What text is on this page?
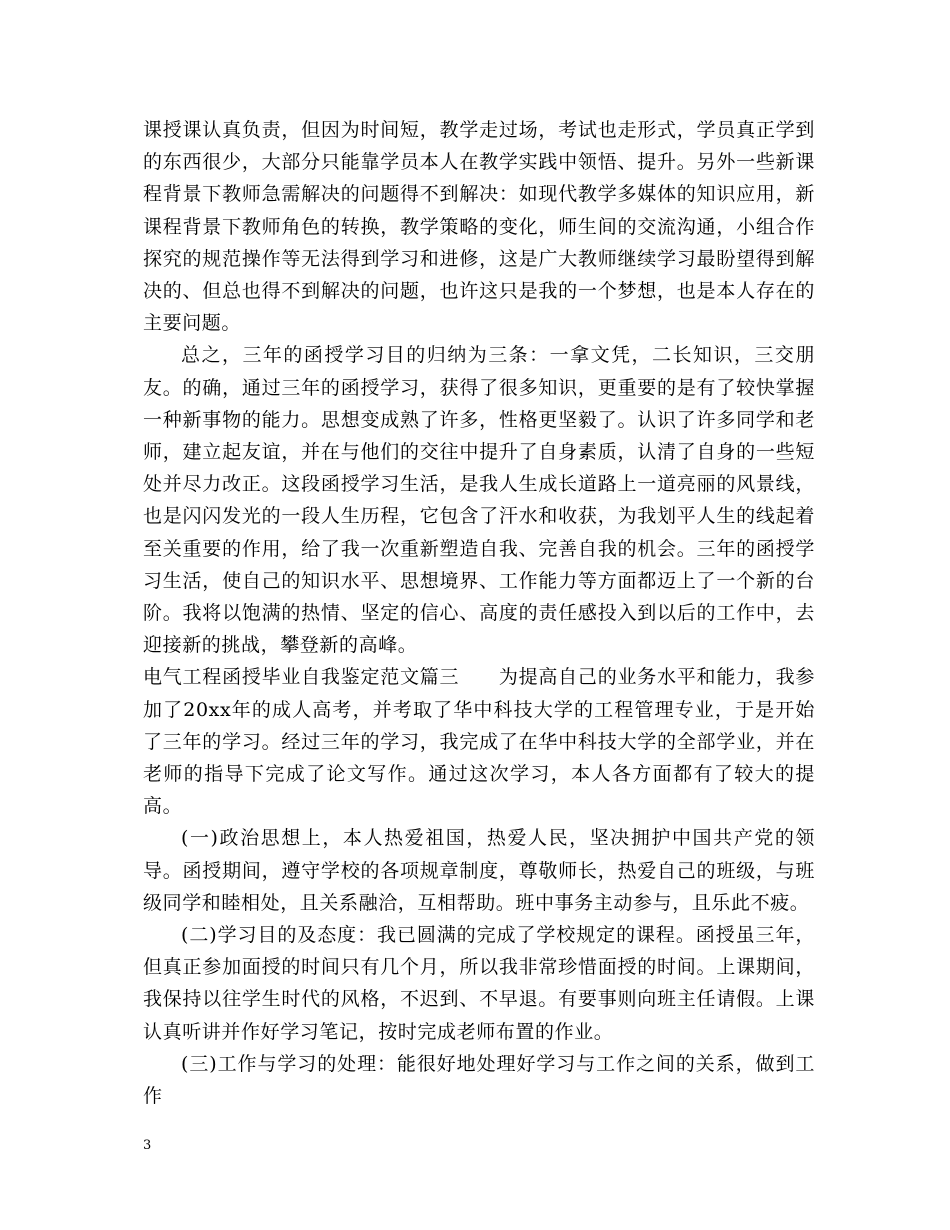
课授课认真负责，但因为时间短，教学走过场，考试也走形式，学员真正学到的东西很少，大部分只能靠学员本人在教学实践中领悟、提升。另外一些新课程背景下教师急需解决的问题得不到解决：如现代教学多媒体的知识应用，新课程背景下教师角色的转换，教学策略的变化，师生间的交流沟通，小组合作探究的规范操作等无法得到学习和进修，这是广大教师继续学习最盼望得到解决的、但总也得不到解决的问题，也许这只是我的一个梦想，也是本人存在的主要问题。

总之，三年的函授学习目的归纳为三条：一拿文凭，二长知识，三交朋友。的确，通过三年的函授学习，获得了很多知识，更重要的是有了较快掌握一种新事物的能力。思想变成熟了许多，性格更坚毅了。认识了许多同学和老师，建立起友谊，并在与他们的交往中提升了自身素质，认清了自身的一些短处并尽力改正。这段函授学习生活，是我人生成长道路上一道亮丽的风景线，也是闪闪发光的一段人生历程，它包含了汗水和收获，为我划平人生的线起着至关重要的作用，给了我一次重新塑造自我、完善自我的机会。三年的函授学习生活，使自己的知识水平、思想境界、工作能力等方面都迈上了一个新的台阶。我将以饱满的热情、坚定的信心、高度的责任感投入到以后的工作中，去迎接新的挑战，攀登新的高峰。

电气工程函授毕业自我鉴定范文篇三　　为提高自己的业务水平和能力，我参加了20xx年的成人高考，并考取了华中科技大学的工程管理专业，于是开始了三年的学习。经过三年的学习，我完成了在华中科技大学的全部学业，并在老师的指导下完成了论文写作。通过这次学习，本人各方面都有了较大的提高。

(一)政治思想上，本人热爱祖国，热爱人民，坚决拥护中国共产党的领导。函授期间，遵守学校的各项规章制度，尊敬师长，热爱自己的班级，与班级同学和睦相处，且关系融洽，互相帮助。班中事务主动参与，且乐此不疲。

(二)学习目的及态度：我已圆满的完成了学校规定的课程。函授虽三年，但真正参加面授的时间只有几个月，所以我非常珍惜面授的时间。上课期间，我保持以往学生时代的风格，不迟到、不早退。有要事则向班主任请假。上课认真听讲并作好学习笔记，按时完成老师布置的作业。

(三)工作与学习的处理：能很好地处理好学习与工作之间的关系，做到工作

3
